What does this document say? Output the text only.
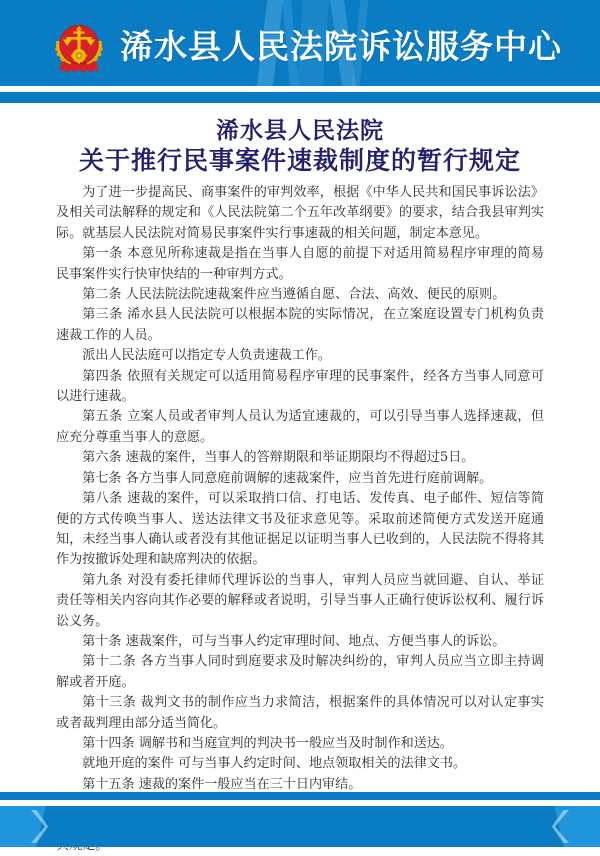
浠水县人民法院诉讼服务中心
浠水县人民法院
关于推行民事案件速裁制度的暂行规定

为了进一步提高民、商事案件的审判效率，根据《中华人民共和国民事诉讼法》及相关司法解释的规定和《人民法院第二个五年改革纲要》的要求，结合我县审判实际。就基层人民法院对简易民事案件实行事速裁的相关问题，制定本意见。

第一条 本意见所称速裁是指在当事人自愿的前提下对适用简易程序审理的简易民事案件实行快审快结的一种审判方式。

第二条 人民法院法院速裁案件应当遵循自愿、合法、高效、便民的原则。

第三条 浠水县人民法院可以根据本院的实际情况，在立案庭设置专门机构负责速裁工作的人员。

派出人民法庭可以指定专人负责速裁工作。

第四条 依照有关规定可以适用简易程序审理的民事案件，经各方当事人同意可以进行速裁。

第五条 立案人员或者审判人员认为适宜速裁的，可以引导当事人选择速裁，但应充分尊重当事人的意愿。

第六条 速裁的案件，当事人的答辩期限和举证期限均不得超过5日。

第七条 各方当事人同意庭前调解的速裁案件，应当首先进行庭前调解。

第八条 速裁的案件，可以采取捎口信、打电话、发传真、电子邮件、短信等简便的方式传唤当事人、送达法律文书及征求意见等。采取前述简便方式发送开庭通知，未经当事人确认或者没有其他证据足以证明当事人已收到的，人民法院不得将其作为按撤诉处理和缺席判决的依据。

第九条 对没有委托律师代理诉讼的当事人，审判人员应当就回避、自认、举证责任等相关内容向其作必要的解释或者说明，引导当事人正确行使诉讼权利、履行诉讼义务。

第十条 速裁案件，可与当事人约定审理时间、地点、方便当事人的诉讼。

第十二条 各方当事人同时到庭要求及时解决纠纷的，审判人员应当立即主持调解或者开庭。

第十三条 裁判文书的制作应当力求简洁，根据案件的具体情况可以对认定事实或者裁判理由部分适当简化。

第十四条 调解书和当庭宣判的判决书一般应当及时制作和送达。

就地开庭的案件 可与当事人约定时间、地点领取相关的法律文书。

第十五条 速裁的案件一般应当在三十日内审结。
